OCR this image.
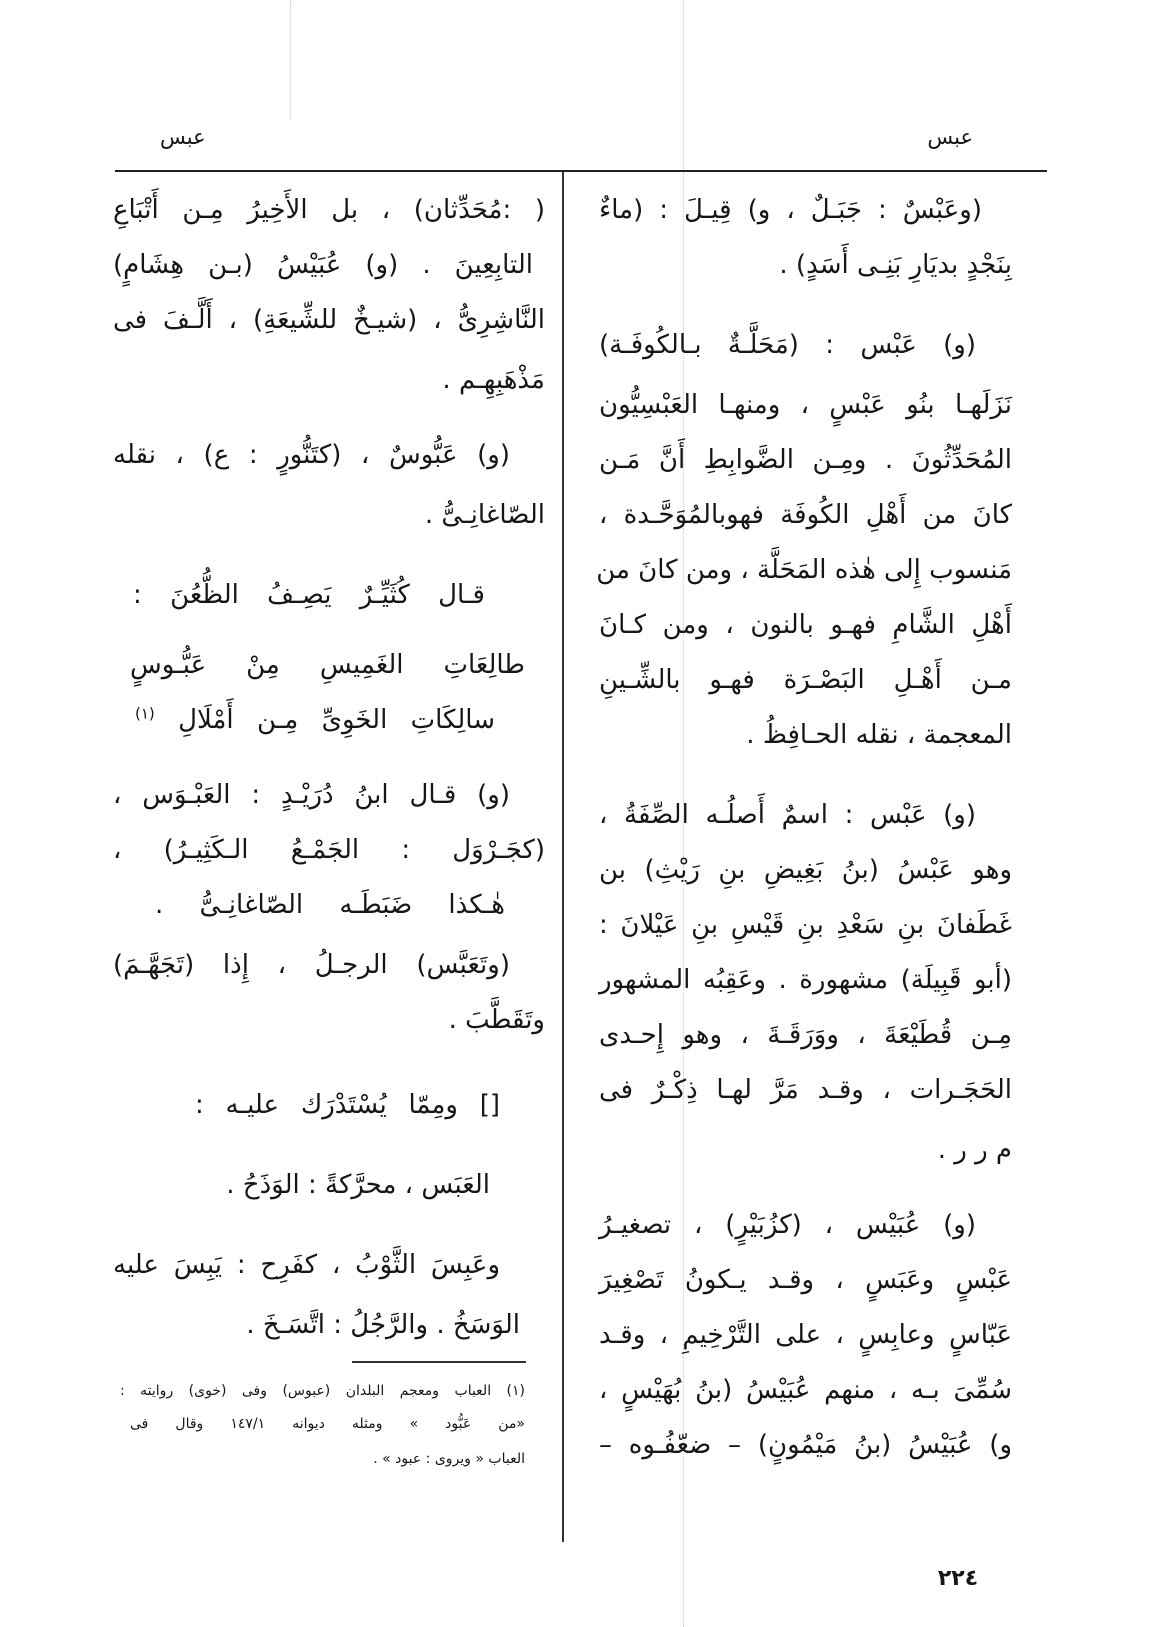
عبس
عبس
(وعَبْسٌ : جَبَـلٌ ، و) قِيـلَ : (ماءٌ
بِنَجْدٍ بديَارِ بَنِـى أَسَدٍ) .
(و) عَبْس : (مَحَلَّـةٌ بـالكُوفَـة)
نَزَلَهـا بنُو عَبْسٍ ، ومنهـا العَبْسِيُّون
المُحَدِّثُونَ . ومِـن الضَّوابِطِ أَنَّ مَـن
كانَ من أَهْلِ الكُوفَة فهوبالمُوَحَّـدة ،
مَنسوب إِلى هٰذه المَحَلَّة ، ومن كانَ من
أَهْلِ الشَّامِ فهـو بالنون ، ومن كـانَ
مـن أَهْـلِ البَصْـرَة فهـو بالشِّـينِ
المعجمة ، نقله الحـافِظُ .
(و) عَبْس : اسمٌ أَصلُـه الصِّفَةُ ،
وهو عَبْسُ (بنُ بَغِيضِ بنِ رَيْثِ) بن
غَطَفانَ بنِ سَعْدِ بنِ قَيْسِ بنِ عَيْلانَ :
(أبو قَبِيلَة) مشهورة . وعَقِبُه المشهور
مِـن قُطَيْعَةَ ، ووَرَقَـةَ ، وهو إِحـدى
الحَجَـرات ، وقـد مَرَّ لهـا ذِكْـرٌ فى
م ر ر .
(و) عُبَيْس ، (كزُبَيْرٍ) ، تصغيـرُ
عَبْسٍ وعَبَسٍ ، وقـد يـكونُ تَصْغِيرَ
عَبّاسٍ وعابِسٍ ، على التَّرْخِيمِ ، وقـد
سُمِّىَ بـه ، منهم عُبَيْسُ (بنُ بُهَيْسٍ ،
و) عُبَيْسُ (بنُ مَيْمُونٍ) – ضعّفُـوه –
( :مُحَدِّثان) ، بل الأَخِيرُ مِـن أَتْبَاعِ
التابِعِينَ . (و) عُبَيْسُ (بـن هِشَامٍ)
النَّاشِرِىُّ ، (شيـخٌ للشِّيعَةِ) ، أَلَّـفَ فى
مَذْهَبِهِـم .
(و) عَبُّوسٌ ، (كتَنُّورٍ : ع) ، نقله
الصّاغانِـىُّ .
قـال كُثَيِّـرٌ يَصِـفُ الظُّعُنَ :
طالِعَاتِ الغَمِيسِ مِنْ عَبُّـوسٍ
سالِكَاتِ الخَوِىِّ مِـن أَمْلَالِ $^{(١)}$
(و) قـال ابنُ دُرَيْـدٍ : العَبْـوَس ،
(كجَـرْوَل : الجَمْـعُ الـكَثِيـرُ) ،
هٰـكذا ضَبَطَـه الصّاغانِـىُّ .
(وتَعَبَّس) الرجـلُ ، إِذا (تَجَهَّـمَ)
وتَقَطَّبَ .
[] ومِمّا يُسْتَدْرَك عليـه :
العَبَس ، محرَّكةً : الوَذَحُ .
وعَبِسَ الثَّوْبُ ، كفَرِح : يَبِسَ عليه
الوَسَخُ . والرَّجُلُ : اتَّسَـخَ .
(١) العباب ومعجم البلدان (عبوس) وفى (خوى) روايته :
«من عَبُّود » ومثله ديوانه ١٤٧/١ وقال فى
العباب « ويروى : عبود » .
٢٢٤
